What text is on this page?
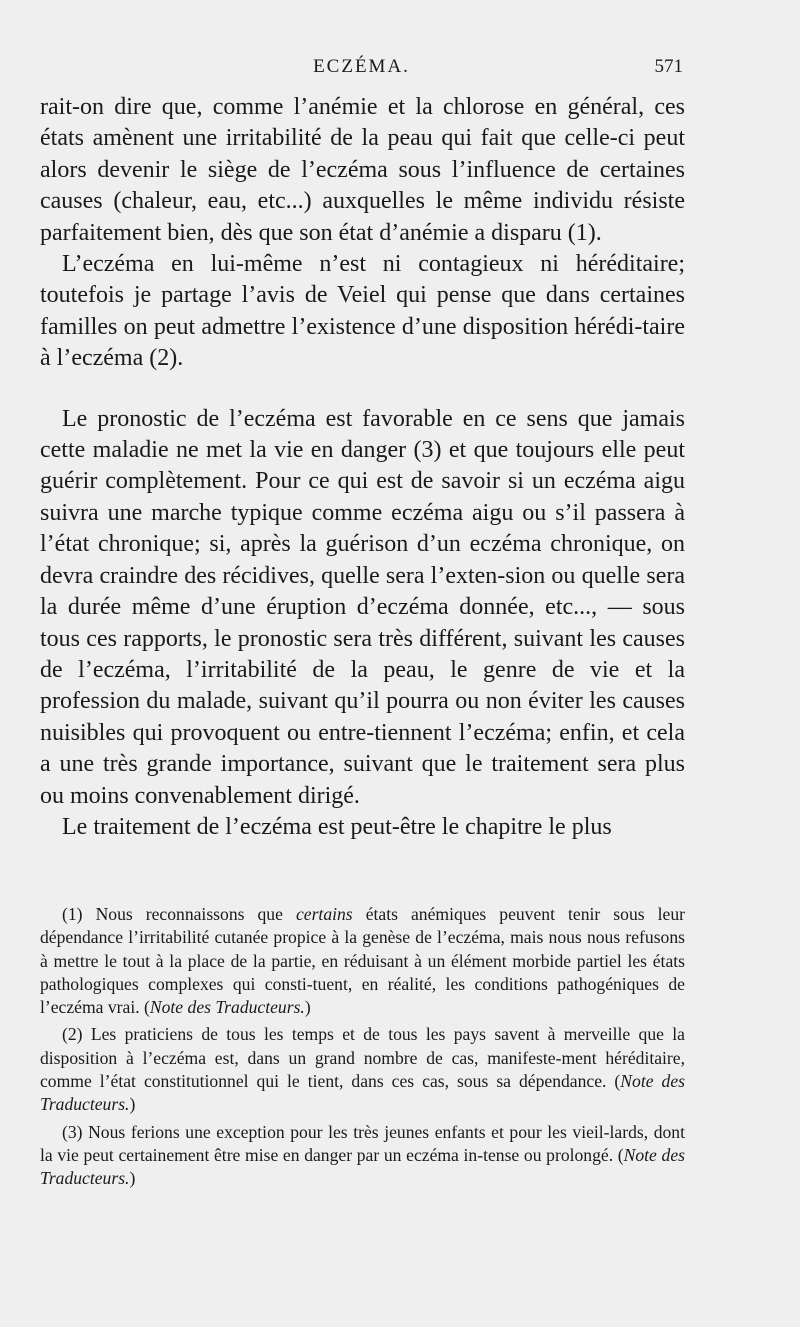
ECZÉMA.	571

rait-on dire que, comme l’anémie et la chlorose en général, ces états amènent une irritabilité de la peau qui fait que celle-ci peut alors devenir le siège de l’eczéma sous l’influence de certaines causes (chaleur, eau, etc...) auxquelles le même individu résiste parfaitement bien, dès que son état d’anémie a disparu (1).

L’eczéma en lui-même n’est ni contagieux ni héréditaire; toutefois je partage l’avis de Veiel qui pense que dans certaines familles on peut admettre l’existence d’une disposition hérédi-taire à l’eczéma (2).

Le pronostic de l’eczéma est favorable en ce sens que jamais cette maladie ne met la vie en danger (3) et que toujours elle peut guérir complètement. Pour ce qui est de savoir si un eczéma aigu suivra une marche typique comme eczéma aigu ou s’il passera à l’état chronique; si, après la guérison d’un eczéma chronique, on devra craindre des récidives, quelle sera l’exten-sion ou quelle sera la durée même d’une éruption d’eczéma donnée, etc..., — sous tous ces rapports, le pronostic sera très différent, suivant les causes de l’eczéma, l’irritabilité de la peau, le genre de vie et la profession du malade, suivant qu’il pourra ou non éviter les causes nuisibles qui provoquent ou entre-tiennent l’eczéma; enfin, et cela a une très grande importance, suivant que le traitement sera plus ou moins convenablement dirigé.

Le traitement de l’eczéma est peut-être le chapitre le plus

(1) Nous reconnaissons que certains états anémiques peuvent tenir sous leur dépendance l’irritabilité cutanée propice à la genèse de l’eczéma, mais nous nous refusons à mettre le tout à la place de la partie, en réduisant à un élément morbide partiel les états pathologiques complexes qui consti-tuent, en réalité, les conditions pathogéniques de l’eczéma vrai. (Note des Traducteurs.)

(2) Les praticiens de tous les temps et de tous les pays savent à merveille que la disposition à l’eczéma est, dans un grand nombre de cas, manifeste-ment héréditaire, comme l’état constitutionnel qui le tient, dans ces cas, sous sa dépendance. (Note des Traducteurs.)

(3) Nous ferions une exception pour les très jeunes enfants et pour les vieil-lards, dont la vie peut certainement être mise en danger par un eczéma in-tense ou prolongé. (Note des Traducteurs.)
